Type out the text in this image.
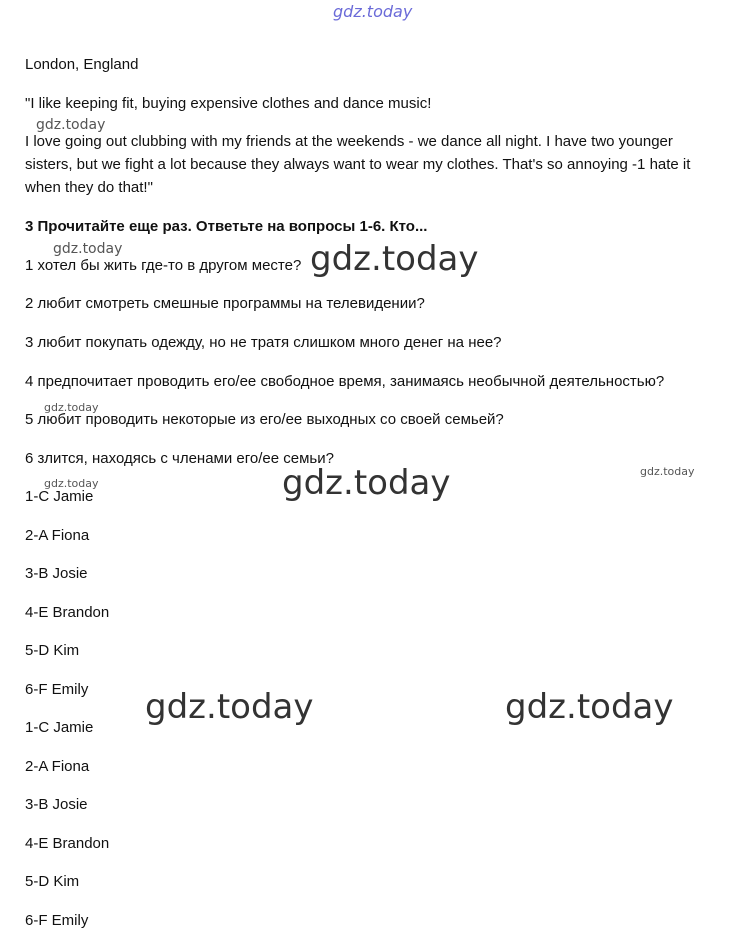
gdz.today
gdz.today
gdz.today	gdz.today
gdz.today
gdz.today
gdz.today	gdz.today
gdz.today	gdz.today
London, England
"I like keeping fit, buying expensive clothes and dance music!
I love going out clubbing with my friends at the weekends - we dance all night. I have two younger
sisters, but we fight a lot because they always want to wear my clothes. That's so annoying -1 hate it
when they do that!"
3 Прочитайте еще раз. Ответьте на вопросы 1-6. Кто...
1 хотел бы жить где-то в другом месте?
2 любит смотреть смешные программы на телевидении?
3 любит покупать одежду, но не тратя слишком много денег на нее?
4 предпочитает проводить его/ее свободное время, занимаясь необычной деятельностью?
5 любит проводить некоторые из его/ее выходных со своей семьей?
6 злится, находясь с членами его/ее семьи?
1-C Jamie
2-A Fiona
3-B Josie
4-E Brandon
5-D Kim
6-F Emily
1-C Jamie
2-A Fiona
3-B Josie
4-E Brandon
5-D Kim
6-F Emily
